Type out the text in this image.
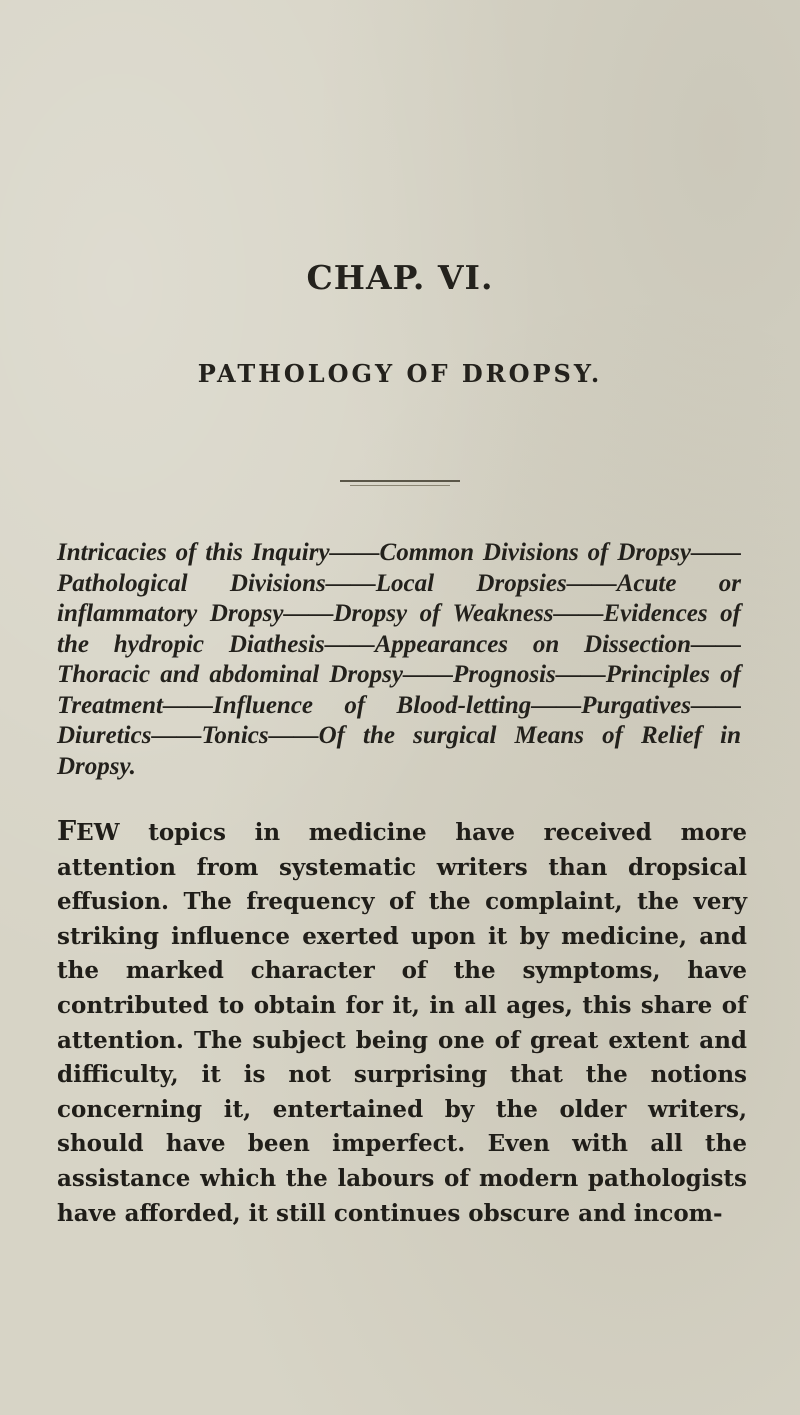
CHAP. VI.
PATHOLOGY OF DROPSY.

Intricacies of this Inquiry——Common Divisions of Dropsy——Pathological Divisions——Local Dropsies——Acute or inflammatory Dropsy——Dropsy of Weakness——Evidences of the hydropic Diathesis——Appearances on Dissection——Thoracic and abdominal Dropsy——Prognosis——Principles of Treatment——Influence of Blood-letting——Purgatives——Diuretics——Tonics——Of the surgical Means of Relief in Dropsy.

FEW topics in medicine have received more attention from systematic writers than dropsical effusion. The frequency of the complaint, the very striking influence exerted upon it by medicine, and the marked character of the symptoms, have contributed to obtain for it, in all ages, this share of attention. The subject being one of great extent and difficulty, it is not surprising that the notions concerning it, entertained by the older writers, should have been imperfect. Even with all the assistance which the labours of modern pathologists have afforded, it still continues obscure and incom-
